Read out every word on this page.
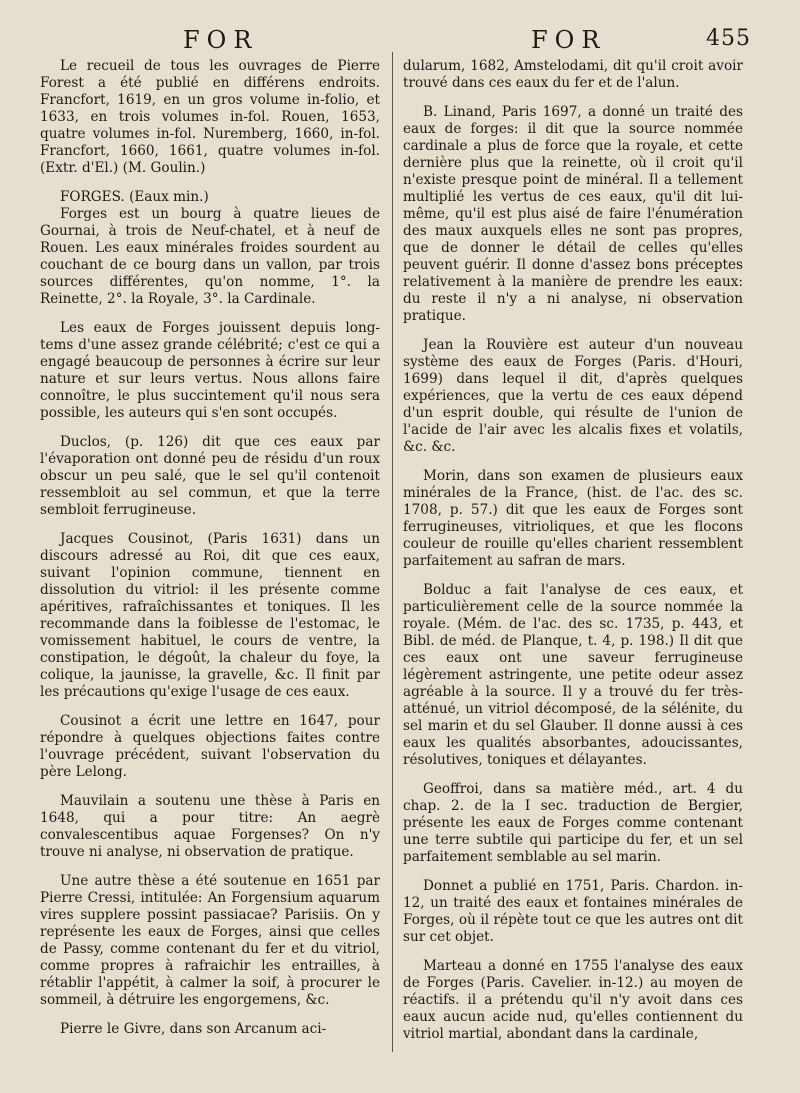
FOR	FOR	455

Le recueil de tous les ouvrages de Pierre Forest a été publié en différens endroits. Francfort, 1619, en un gros volume in-folio, et 1633, en trois volumes in-fol. Rouen, 1653, quatre volumes in-fol. Nuremberg, 1660, in-fol. Francfort, 1660, 1661, quatre volumes in-fol. (Extr. d'El.) (M. Goulin.)

FORGES. (Eaux min.)

Forges est un bourg à quatre lieues de Gournai, à trois de Neuf-chatel, et à neuf de Rouen. Les eaux minérales froides sourdent au couchant de ce bourg dans un vallon, par trois sources différentes, qu'on nomme, 1°. la Reinette, 2°. la Royale, 3°. la Cardinale.

Les eaux de Forges jouissent depuis long-tems d'une assez grande célébrité; c'est ce qui a engagé beaucoup de personnes à écrire sur leur nature et sur leurs vertus. Nous allons faire connoître, le plus succintement qu'il nous sera possible, les auteurs qui s'en sont occupés.

Duclos, (p. 126) dit que ces eaux par l'évaporation ont donné peu de résidu d'un roux obscur un peu salé, que le sel qu'il contenoit ressembloit au sel commun, et que la terre sembloit ferrugineuse.

Jacques Cousinot, (Paris 1631) dans un discours adressé au Roi, dit que ces eaux, suivant l'opinion commune, tiennent en dissolution du vitriol: il les présente comme apéritives, rafraîchissantes et toniques. Il les recommande dans la foiblesse de l'estomac, le vomissement habituel, le cours de ventre, la constipation, le dégoût, la chaleur du foye, la colique, la jaunisse, la gravelle, &c. Il finit par les précautions qu'exige l'usage de ces eaux.

Cousinot a écrit une lettre en 1647, pour répondre à quelques objections faites contre l'ouvrage précédent, suivant l'observation du père Lelong.

Mauvilain a soutenu une thèse à Paris en 1648, qui a pour titre: An aegrè convalescentibus aquae Forgenses? On n'y trouve ni analyse, ni observation de pratique.

Une autre thèse a été soutenue en 1651 par Pierre Cressi, intitulée: An Forgensium aquarum vires supplere possint passiacae? Parisiis. On y représente les eaux de Forges, ainsi que celles de Passy, comme contenant du fer et du vitriol, comme propres à rafraichir les entrailles, à rétablir l'appétit, à calmer la soif, à procurer le sommeil, à détruire les engorgemens, &c.

Pierre le Givre, dans son Arcanum aci-

dularum, 1682, Amstelodami, dit qu'il croit avoir trouvé dans ces eaux du fer et de l'alun.

B. Linand, Paris 1697, a donné un traité des eaux de forges: il dit que la source nommée cardinale a plus de force que la royale, et cette dernière plus que la reinette, où il croit qu'il n'existe presque point de minéral. Il a tellement multiplié les vertus de ces eaux, qu'il dit lui-même, qu'il est plus aisé de faire l'énumération des maux auxquels elles ne sont pas propres, que de donner le détail de celles qu'elles peuvent guérir. Il donne d'assez bons préceptes relativement à la manière de prendre les eaux: du reste il n'y a ni analyse, ni observation pratique.

Jean la Rouvière est auteur d'un nouveau système des eaux de Forges (Paris. d'Houri, 1699) dans lequel il dit, d'après quelques expériences, que la vertu de ces eaux dépend d'un esprit double, qui résulte de l'union de l'acide de l'air avec les alcalis fixes et volatils, &c. &c.

Morin, dans son examen de plusieurs eaux minérales de la France, (hist. de l'ac. des sc. 1708, p. 57.) dit que les eaux de Forges sont ferrugineuses, vitrioliques, et que les flocons couleur de rouille qu'elles charient ressemblent parfaitement au safran de mars.

Bolduc a fait l'analyse de ces eaux, et particulièrement celle de la source nommée la royale. (Mém. de l'ac. des sc. 1735, p. 443, et Bibl. de méd. de Planque, t. 4, p. 198.) Il dit que ces eaux ont une saveur ferrugineuse légèrement astringente, une petite odeur assez agréable à la source. Il y a trouvé du fer très-atténué, un vitriol décomposé, de la sélénite, du sel marin et du sel Glauber. Il donne aussi à ces eaux les qualités absorbantes, adoucissantes, résolutives, toniques et délayantes.

Geoffroi, dans sa matière méd., art. 4 du chap. 2. de la I sec. traduction de Bergier, présente les eaux de Forges comme contenant une terre subtile qui participe du fer, et un sel parfaitement semblable au sel marin.

Donnet a publié en 1751, Paris. Chardon. in-12, un traité des eaux et fontaines minérales de Forges, où il répète tout ce que les autres ont dit sur cet objet.

Marteau a donné en 1755 l'analyse des eaux de Forges (Paris. Cavelier. in-12.) au moyen de réactifs. il a prétendu qu'il n'y avoit dans ces eaux aucun acide nud, qu'elles contiennent du vitriol martial, abondant dans la cardinale,
